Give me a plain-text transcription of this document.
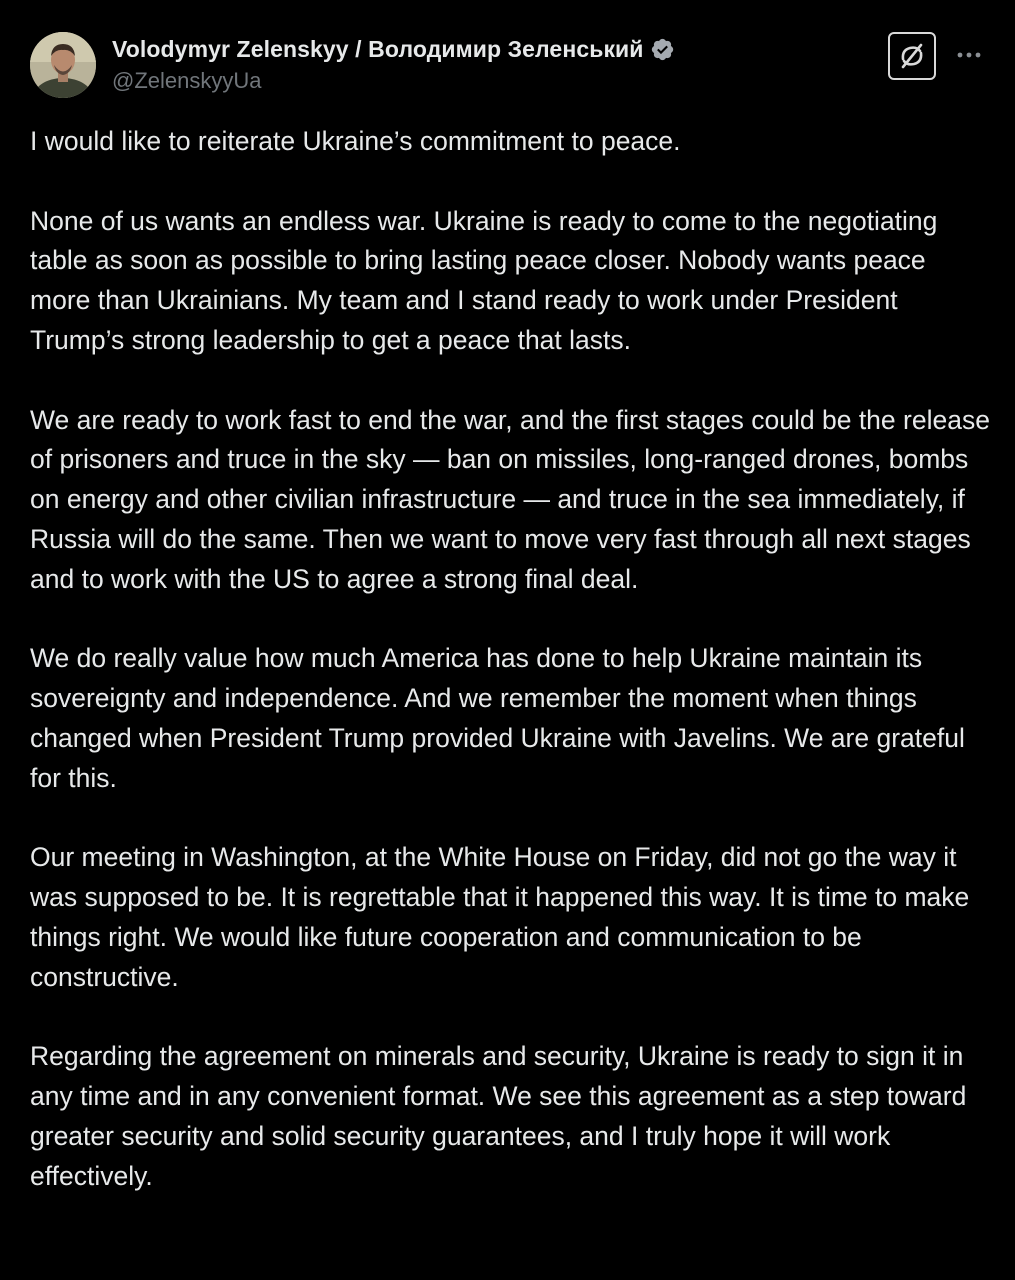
Volodymyr Zelenskyy / Володимир Зеленський
@ZelenskyyUa

I would like to reiterate Ukraine’s commitment to peace.

None of us wants an endless war. Ukraine is ready to come to the negotiating table as soon as possible to bring lasting peace closer. Nobody wants peace more than Ukrainians. My team and I stand ready to work under President Trump’s strong leadership to get a peace that lasts.

We are ready to work fast to end the war, and the first stages could be the release of prisoners and truce in the sky — ban on missiles, long-ranged drones, bombs on energy and other civilian infrastructure — and truce in the sea immediately, if Russia will do the same. Then we want to move very fast through all next stages and to work with the US to agree a strong final deal.

We do really value how much America has done to help Ukraine maintain its sovereignty and independence. And we remember the moment when things changed when President Trump provided Ukraine with Javelins. We are grateful for this.

Our meeting in Washington, at the White House on Friday, did not go the way it was supposed to be. It is regrettable that it happened this way. It is time to make things right. We would like future cooperation and communication to be constructive.

Regarding the agreement on minerals and security, Ukraine is ready to sign it in any time and in any convenient format. We see this agreement as a step toward greater security and solid security guarantees, and I truly hope it will work effectively.
